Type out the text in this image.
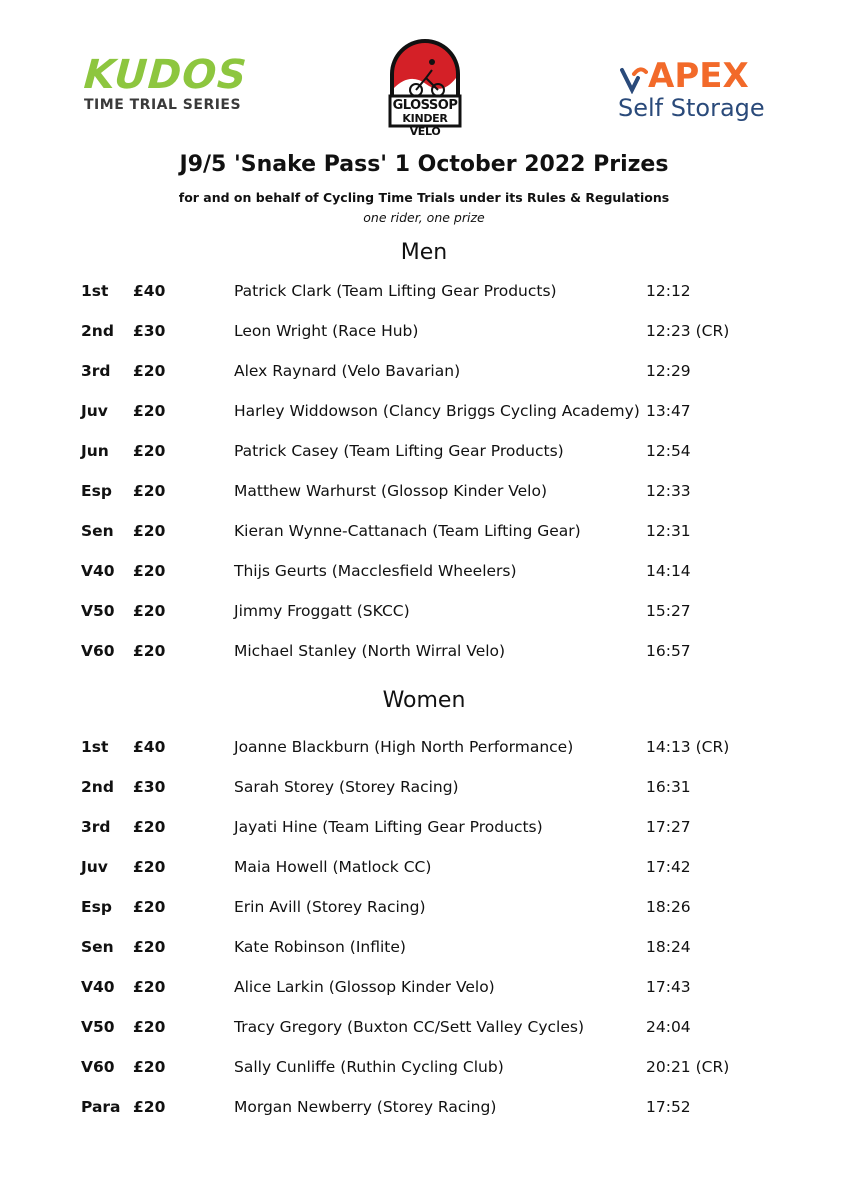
KUDOS
TIME TRIAL SERIES	GLOSSOP
KINDER VELO
APEX
Self Storage
J9/5 'Snake Pass' 1 October 2022 Prizes
for and on behalf of Cycling Time Trials under its Rules & Regulations
one rider, one prize
Men
1st £40	Patrick Clark (Team Lifting Gear Products)	12:12
2nd £30	Leon Wright (Race Hub)	12:23 (CR)
3rd £20	Alex Raynard (Velo Bavarian)	12:29
Juv £20	Harley Widdowson (Clancy Briggs Cycling Academy) 13:47
Jun £20	Patrick Casey (Team Lifting Gear Products)	12:54
Esp £20	Matthew Warhurst (Glossop Kinder Velo)	12:33
Sen £20	Kieran Wynne-Cattanach (Team Lifting Gear)	12:31
V40 £20	Thijs Geurts (Macclesfield Wheelers)	14:14
V50 £20	Jimmy Froggatt (SKCC)	15:27
V60 £20	Michael Stanley (North Wirral Velo)	16:57
Women
1st £40	Joanne Blackburn (High North Performance)	14:13 (CR)
2nd £30	Sarah Storey (Storey Racing)	16:31
3rd £20	Jayati Hine (Team Lifting Gear Products)	17:27
Juv £20	Maia Howell (Matlock CC)	17:42
Esp £20	Erin Avill (Storey Racing)	18:26
Sen £20	Kate Robinson (Inflite)	18:24
V40 £20	Alice Larkin (Glossop Kinder Velo)	17:43
V50 £20	Tracy Gregory (Buxton CC/Sett Valley Cycles)	24:04
V60 £20	Sally Cunliffe (Ruthin Cycling Club)	20:21 (CR)
Para £20	Morgan Newberry (Storey Racing)	17:52
